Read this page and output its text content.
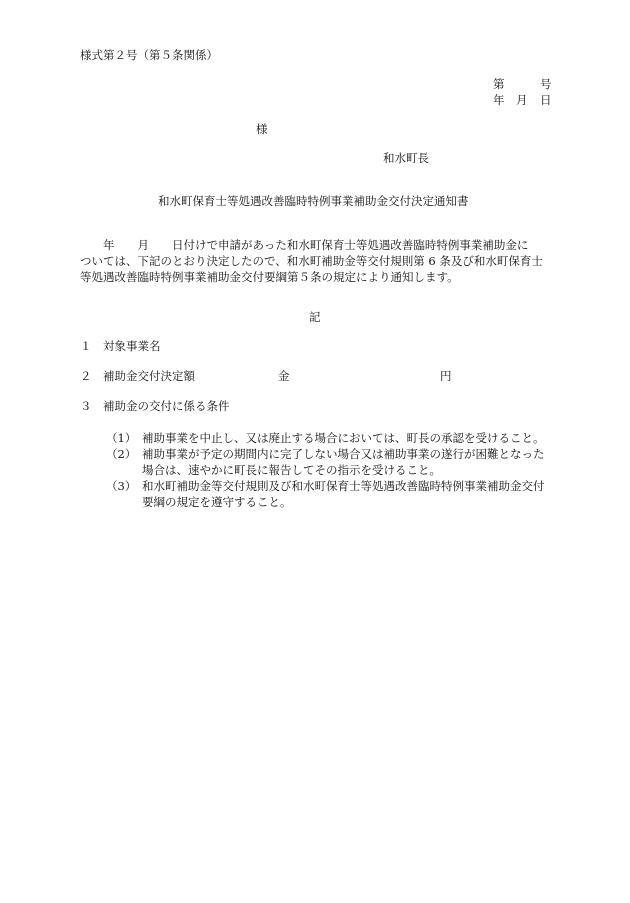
様式第２号（第５条関係）
第	号
年 月 日
様
和水町長
和水町保育士等処遇改善臨時特例事業補助金交付決定通知書
　　年　　月　　日付けで申請があった和水町保育士等処遇改善臨時特例事業補助金に
ついては、下記のとおり決定したので、和水町補助金等交付規則第 6 条及び和水町保育士
等処遇改善臨時特例事業補助金交付要綱第５条の規定により通知します。
記
１ 対象事業名
２ 補助金交付決定額	金	円
３ 補助金の交付に係る条件
（1） 補助事業を中止し、又は廃止する場合においては、町長の承認を受けること。
（2） 補助事業が予定の期間内に完了しない場合又は補助事業の遂行が困難となった
場合は、速やかに町長に報告してその指示を受けること。
（3） 和水町補助金等交付規則及び和水町保育士等処遇改善臨時特例事業補助金交付
要綱の規定を遵守すること。
